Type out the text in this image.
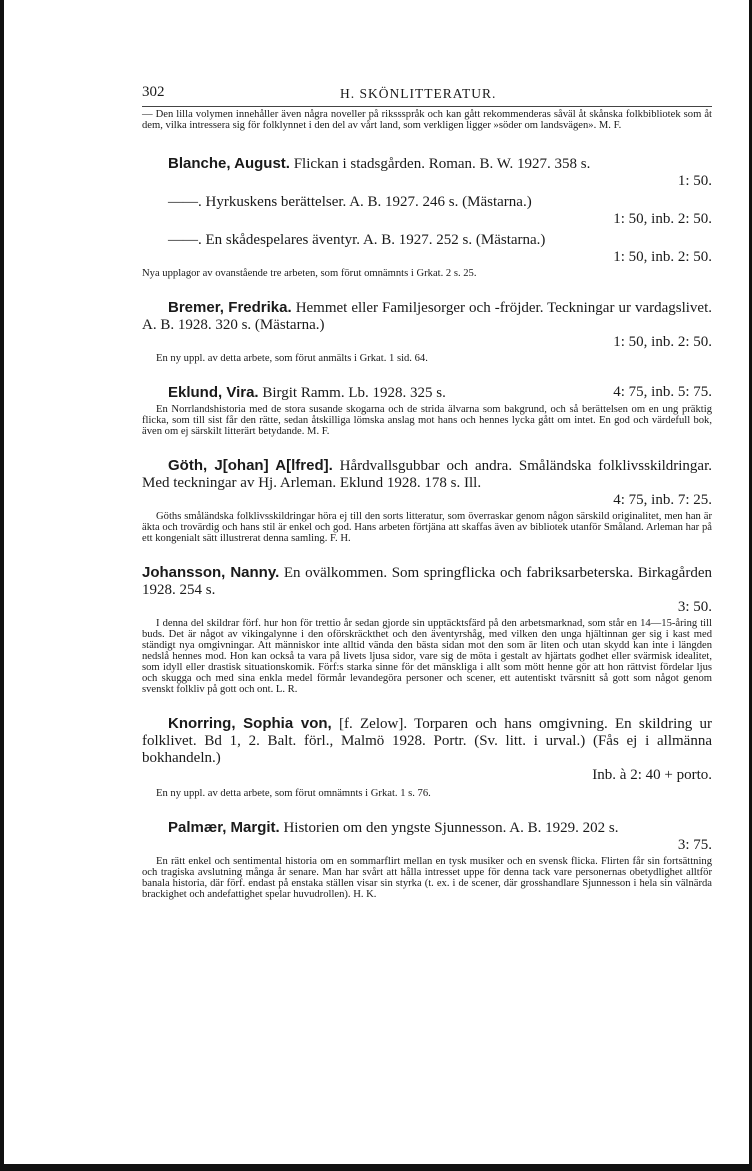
302	H. SKÖNLITTERATUR.
— Den lilla volymen innehåller även några noveller på rikssspråk och kan gått rekommenderas såväl åt skånska folkbibliotek som åt dem, vilka intressera sig för folklynnet i den del av vårt land, som verkligen ligger »söder om landsvägen». M. F.
Blanche, August. Flickan i stadsgården. Roman. B. W. 1927. 358 s.
1: 50.
——. Hyrkuskens berättelser. A. B. 1927. 246 s. (Mästarna.)
1: 50, inb. 2: 50.
——. En skådespelares äventyr. A. B. 1927. 252 s. (Mästarna.)
1: 50, inb. 2: 50.
Nya upplagor av ovanstående tre arbeten, som förut omnämnts i Grkat. 2 s. 25.
Bremer, Fredrika. Hemmet eller Familjesorger och -fröjder. Teckningar ur vardagslivet. A. B. 1928. 320 s. (Mästarna.)
1: 50, inb. 2: 50.
En ny uppl. av detta arbete, som förut anmälts i Grkat. 1 sid. 64.
Eklund, Vira. Birgit Ramm. Lb. 1928. 325 s.	4: 75, inb. 5: 75.
En Norrlandshistoria med de stora susande skogarna och de strida älvarna som bakgrund, och så berättelsen om en ung präktig flicka, som till sist får den rätte, sedan åtskilliga lömska anslag mot hans och hennes lycka gått om intet. En god och värdefull bok, även om ej särskilt litterärt betydande. M. F.
Göth, J[ohan] A[lfred]. Hårdvallsgubbar och andra. Småländska folklivsskildringar. Med teckningar av Hj. Arleman. Eklund 1928. 178 s. Ill.
4: 75, inb. 7: 25.
Göths småländska folklivsskildringar höra ej till den sorts litteratur, som överraskar genom någon särskild originalitet, men han är äkta och trovärdig och hans stil är enkel och god. Hans arbeten förtjäna att skaffas även av bibliotek utanför Småland. Arleman har på ett kongenialt sätt illustrerat denna samling. F. H.
Johansson, Nanny. En ovälkommen. Som springflicka och fabriksarbeterska. Birkagården 1928. 254 s.
3: 50.
I denna del skildrar förf. hur hon för trettio år sedan gjorde sin upptäcktsfärd på den arbetsmarknad, som står en 14—15-åring till buds. Det är något av vikingalynne i den oförskräckthet och den äventyrshåg, med vilken den unga hjältinnan ger sig i kast med ständigt nya omgivningar. Att människor inte alltid vända den bästa sidan mot den som är liten och utan skydd kan inte i längden nedslå hennes mod. Hon kan också ta vara på livets ljusa sidor, vare sig de möta i gestalt av hjärtats godhet eller svärmisk idealitet, som idyll eller drastisk situationskomik. Förf:s starka sinne för det mänskliga i allt som mött henne gör att hon rättvist fördelar ljus och skugga och med sina enkla medel förmår levandegöra personer och scener, ett autentiskt tvärsnitt så gott som något genom svenskt folkliv på gott och ont. L. R.
Knorring, Sophia von, [f. Zelow]. Torparen och hans omgivning. En skildring ur folklivet. Bd 1, 2. Balt. förl., Malmö 1928. Portr. (Sv. litt. i urval.) (Fås ej i allmänna bokhandeln.)
Inb. à 2: 40 + porto.
En ny uppl. av detta arbete, som förut omnämnts i Grkat. 1 s. 76.
Palmær, Margit. Historien om den yngste Sjunnesson. A. B. 1929. 202 s.
3: 75.
En rätt enkel och sentimental historia om en sommarflirt mellan en tysk musiker och en svensk flicka. Flirten får sin fortsättning och tragiska avslutning många år senare. Man har svårt att hålla intresset uppe för denna tack vare personernas obetydlighet alltför banala historia, där förf. endast på enstaka ställen visar sin styrka (t. ex. i de scener, där grosshandlare Sjunnesson i hela sin välnärda brackighet och andefattighet spelar huvudrollen). H. K.
